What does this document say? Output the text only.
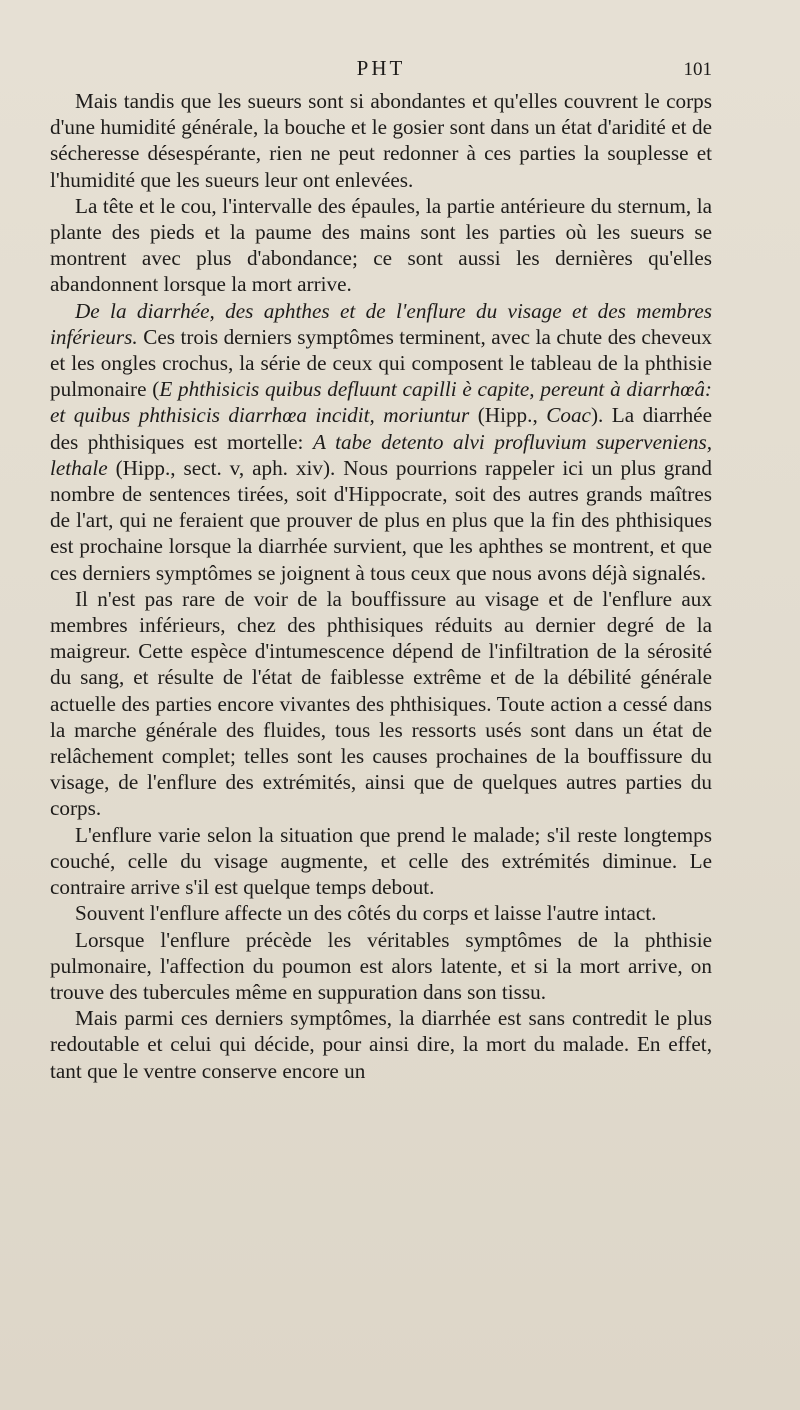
PHT	101

Mais tandis que les sueurs sont si abondantes et qu'elles couvrent le corps d'une humidité générale, la bouche et le gosier sont dans un état d'aridité et de sécheresse désespérante, rien ne peut redonner à ces parties la souplesse et l'humidité que les sueurs leur ont enlevées.

La tête et le cou, l'intervalle des épaules, la partie antérieure du sternum, la plante des pieds et la paume des mains sont les parties où les sueurs se montrent avec plus d'abondance; ce sont aussi les dernières qu'elles abandonnent lorsque la mort arrive.

De la diarrhée, des aphthes et de l'enflure du visage et des membres inférieurs. Ces trois derniers symptômes terminent, avec la chute des cheveux et les ongles crochus, la série de ceux qui composent le tableau de la phthisie pulmonaire (E phthisicis quibus defluunt capilli è capite, pereunt à diarrhœâ: et quibus phthisicis diarrhœa incidit, moriuntur (Hipp., Coac). La diarrhée des phthisiques est mortelle: A tabe detento alvi profluvium superveniens, lethale (Hipp., sect. v, aph. xiv). Nous pourrions rappeler ici un plus grand nombre de sentences tirées, soit d'Hippocrate, soit des autres grands maîtres de l'art, qui ne feraient que prouver de plus en plus que la fin des phthisiques est prochaine lorsque la diarrhée survient, que les aphthes se montrent, et que ces derniers symptômes se joignent à tous ceux que nous avons déjà signalés.

Il n'est pas rare de voir de la bouffissure au visage et de l'enflure aux membres inférieurs, chez des phthisiques réduits au dernier degré de la maigreur. Cette espèce d'intumescence dépend de l'infiltration de la sérosité du sang, et résulte de l'état de faiblesse extrême et de la débilité générale actuelle des parties encore vivantes des phthisiques. Toute action a cessé dans la marche générale des fluides, tous les ressorts usés sont dans un état de relâchement complet; telles sont les causes prochaines de la bouffissure du visage, de l'enflure des extrémités, ainsi que de quelques autres parties du corps.

L'enflure varie selon la situation que prend le malade; s'il reste longtemps couché, celle du visage augmente, et celle des extrémités diminue. Le contraire arrive s'il est quelque temps debout.

Souvent l'enflure affecte un des côtés du corps et laisse l'autre intact.

Lorsque l'enflure précède les véritables symptômes de la phthisie pulmonaire, l'affection du poumon est alors latente, et si la mort arrive, on trouve des tubercules même en suppuration dans son tissu.

Mais parmi ces derniers symptômes, la diarrhée est sans contredit le plus redoutable et celui qui décide, pour ainsi dire, la mort du malade. En effet, tant que le ventre conserve encore un
